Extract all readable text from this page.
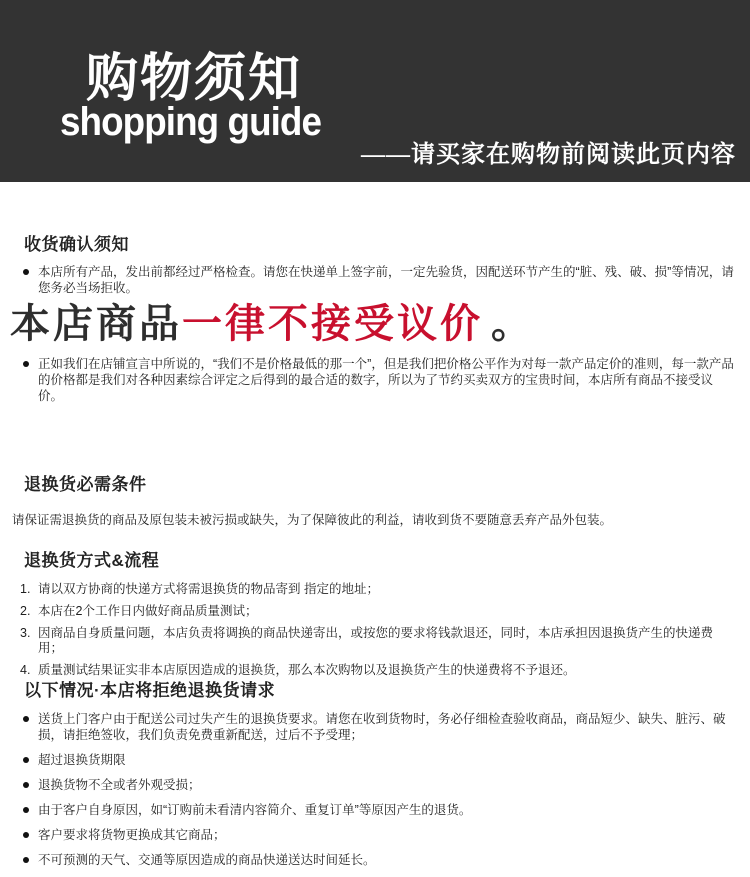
购物须知
shopping guide
——请买家在购物前阅读此页内容
收货确认须知
本店所有产品，发出前都经过严格检查。请您在快递单上签字前，一定先验货，因配送环节产生的“脏、残、破、损”等情况，请您务必当场拒收。
本店商品一律不接受议价 。
正如我们在店铺宣言中所说的，“我们不是价格最低的那一个”，但是我们把价格公平作为对每一款产品定价的准则，每一款产品的价格都是我们对各种因素综合评定之后得到的最合适的数字，所以为了节约买卖双方的宝贵时间，本店所有商品不接受议价。
退换货必需条件

请保证需退换货的商品及原包装未被污损或缺失，为了保障彼此的利益，请收到货不要随意丢弃产品外包装。

退换货方式&流程
请以双方协商的快递方式将需退换货的物品寄到 指定的地址；
本店在2个工作日内做好商品质量测试；
因商品自身质量问题，本店负责将调换的商品快递寄出，或按您的要求将钱款退还，同时，本店承担因退换货产生的快递费用；
质量测试结果证实非本店原因造成的退换货，那么本次购物以及退换货产生的快递费将不予退还。
以下情况·本店将拒绝退换货请求
送货上门客户由于配送公司过失产生的退换货要求。请您在收到货物时，务必仔细检查验收商品，商品短少、缺失、脏污、破损，请拒绝签收，我们负责免费重新配送，过后不予受理；
超过退换货期限
退换货物不全或者外观受损；
由于客户自身原因，如“订购前未看清内容简介、重复订单”等原因产生的退货。
客户要求将货物更换成其它商品；
不可预测的天气、交通等原因造成的商品快递送达时间延长。
